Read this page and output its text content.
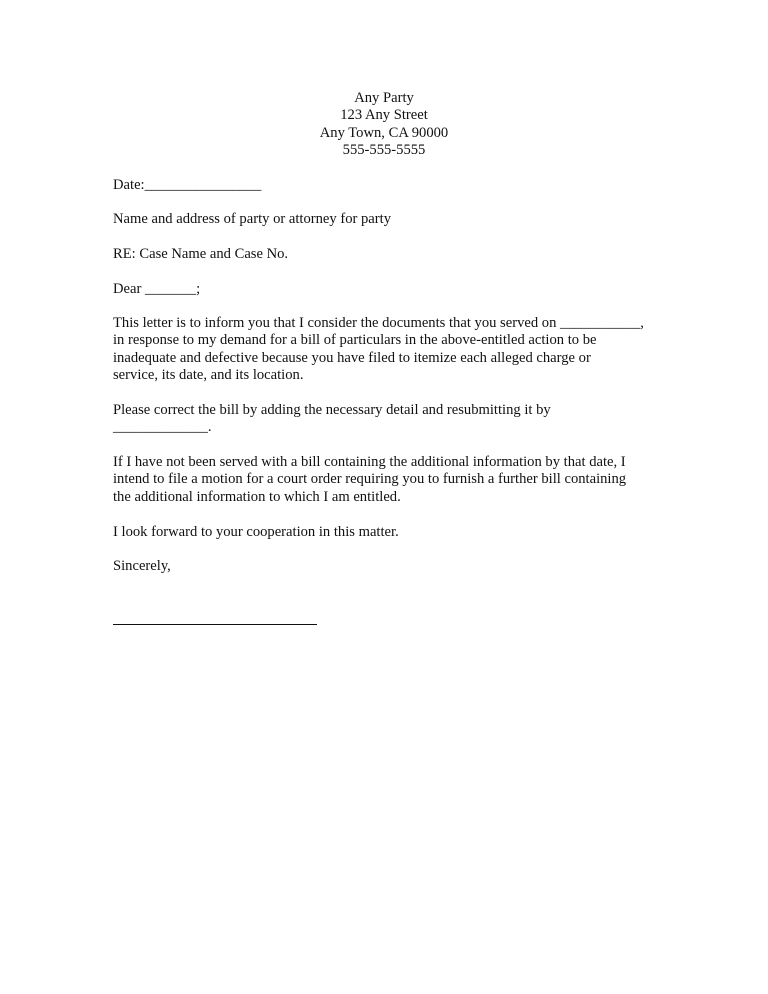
Any Party
123 Any Street
Any Town, CA 90000
555-555-5555
Date:________________
Name and address of party or attorney for party
RE: Case Name and Case No.
Dear _______;
This letter is to inform you that I consider the documents that you served on ___________,
in response to my demand for a bill of particulars in the above-entitled action to be
inadequate and defective because you have filed to itemize each alleged charge or
service, its date, and its location.
Please correct the bill by adding the necessary detail and resubmitting it by
_____________.
If I have not been served with a bill containing the additional information by that date, I
intend to file a motion for a court order requiring you to furnish a further bill containing
the additional information to which I am entitled.
I look forward to your cooperation in this matter.
Sincerely,
